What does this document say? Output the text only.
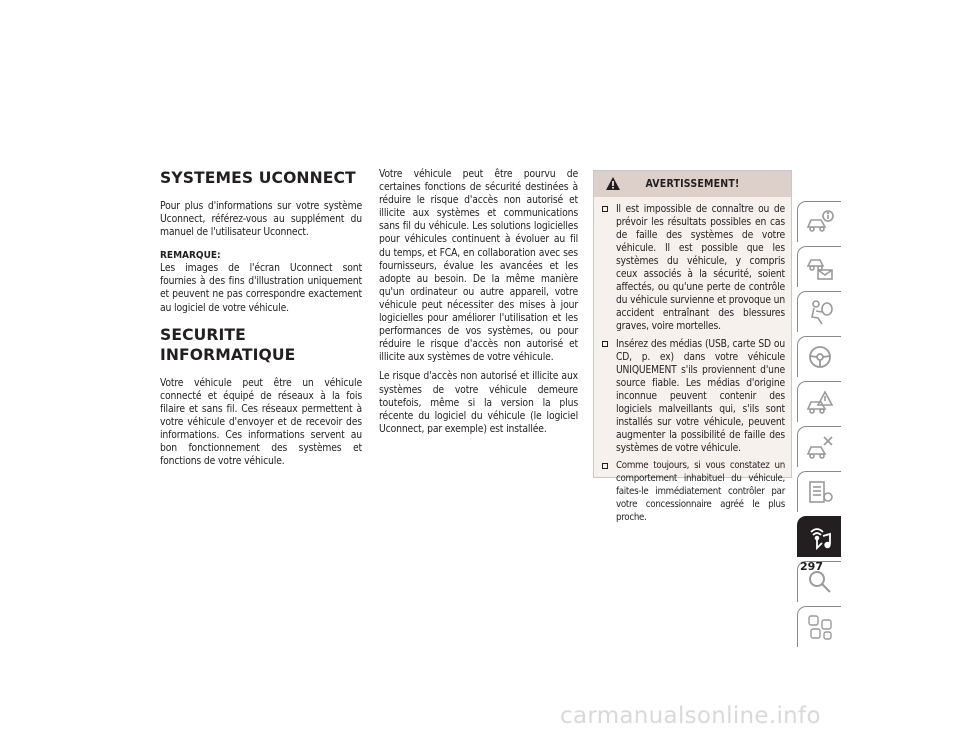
SYSTEMES UCONNECT

Pour plus d'informations sur votre système Uconnect, référez-vous au supplément du manuel de l'utilisateur Uconnect.

REMARQUE:

Les images de l'écran Uconnect sont fournies à des fins d'illustration uniquement et peuvent ne pas correspondre exactement au logiciel de votre véhicule.

SECURITE INFORMATIQUE

Votre véhicule peut être un véhicule connecté et équipé de réseaux à la fois filaire et sans fil. Ces réseaux permettent à votre véhicule d'envoyer et de recevoir des informations. Ces informations servent au bon fonctionnement des systèmes et fonctions de votre véhicule.

Votre véhicule peut être pourvu de certaines fonctions de sécurité destinées à réduire le risque d'accès non autorisé et illicite aux systèmes et communications sans fil du véhicule. Les solutions logicielles pour véhicules continuent à évoluer au fil du temps, et FCA, en collaboration avec ses fournisseurs, évalue les avancées et les adopte au besoin. De la même manière qu'un ordinateur ou autre appareil, votre véhicule peut nécessiter des mises à jour logicielles pour améliorer l'utilisation et les performances de vos systèmes, ou pour réduire le risque d'accès non autorisé et illicite aux systèmes de votre véhicule.

Le risque d'accès non autorisé et illicite aux systèmes de votre véhicule demeure toutefois, même si la version la plus récente du logiciel du véhicule (le logiciel Uconnect, par exemple) est installée.

AVERTISSEMENT!
Il est impossible de connaître ou de prévoir les résultats possibles en cas de faille des systèmes de votre véhicule. Il est possible que les systèmes du véhicule, y compris ceux associés à la sécurité, soient affectés, ou qu'une perte de contrôle du véhicule survienne et provoque un accident entraînant des blessures graves, voire mortelles.
Insérez des médias (USB, carte SD ou CD, p. ex) dans votre véhicule UNIQUEMENT s'ils proviennent d'une source fiable. Les médias d'origine inconnue peuvent contenir des logiciels malveillants qui, s'ils sont installés sur votre véhicule, peuvent augmenter la possibilité de faille des systèmes de votre véhicule.
Comme toujours, si vous constatez un comportement inhabituel du véhicule, faites-le immédiatement contrôler par votre concessionnaire agréé le plus proche.
297
carmanualsonline.info
